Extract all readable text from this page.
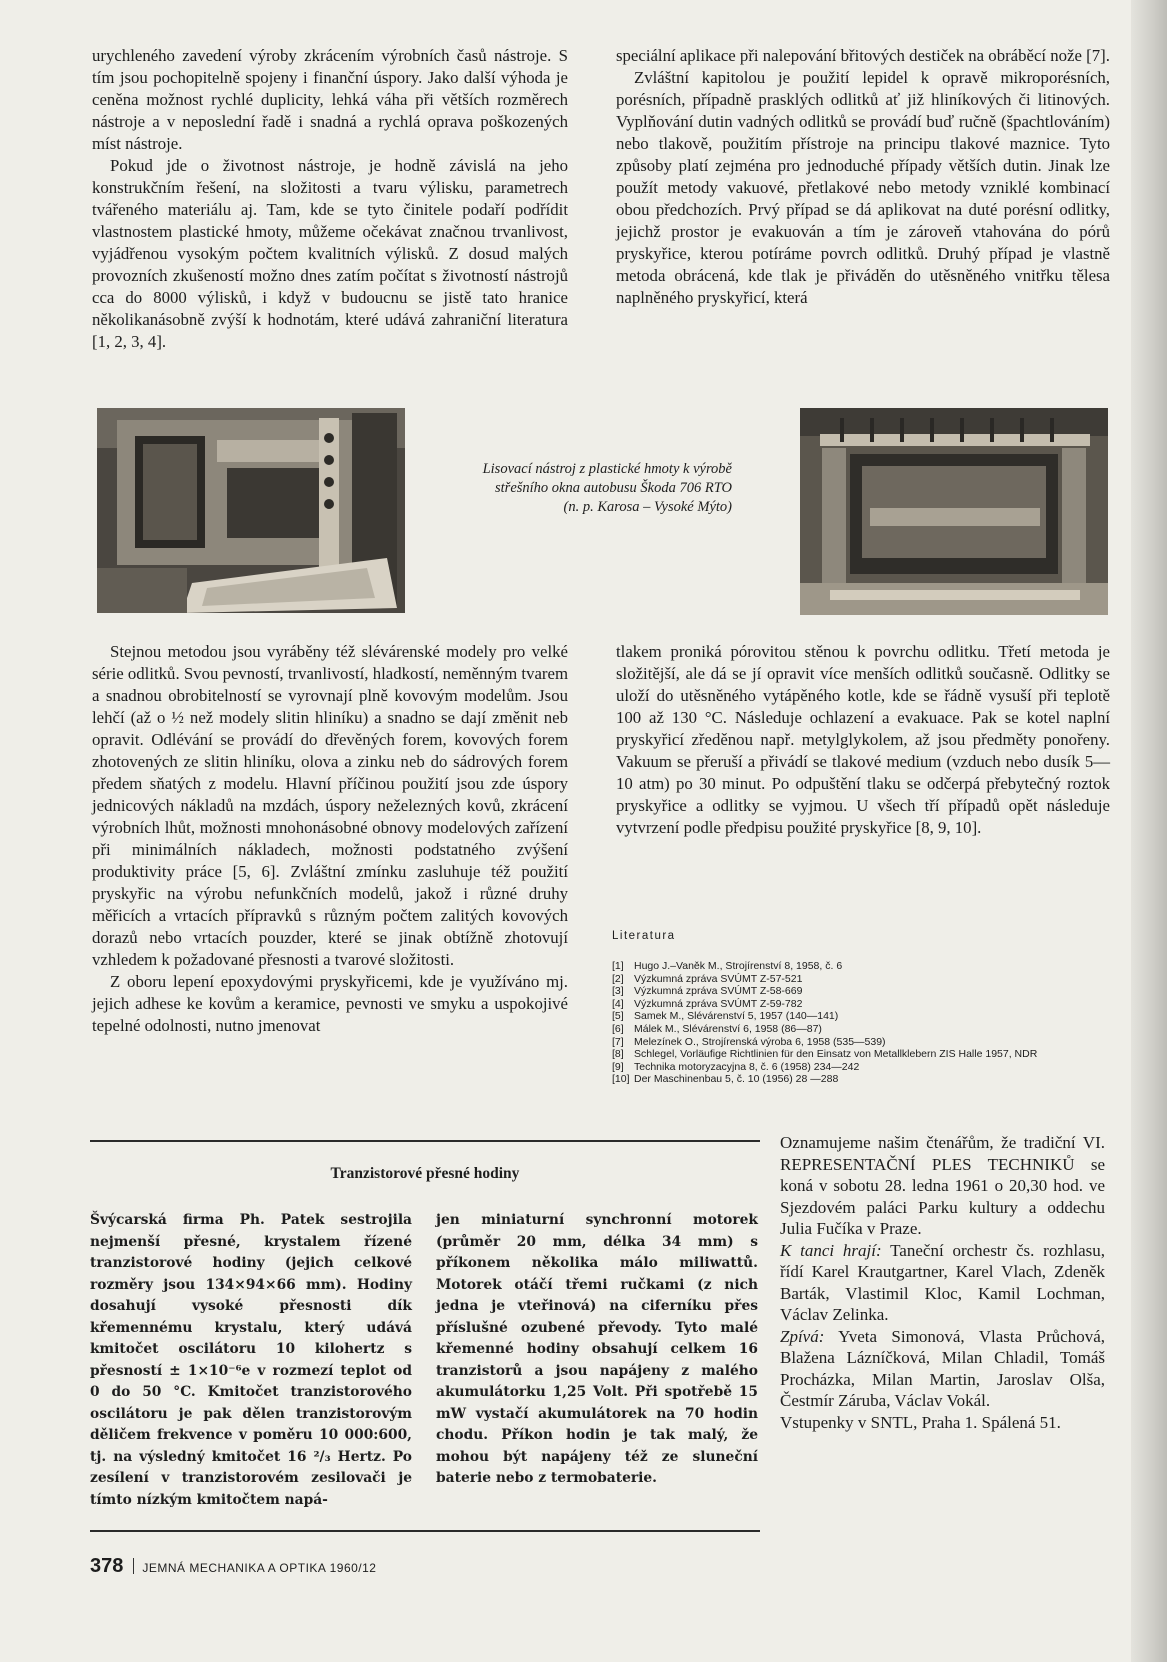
urychleného zavedení výroby zkrácením výrobních časů nástroje. S tím jsou pochopitelně spojeny i finanční úspory. Jako další výhoda je ceněna možnost rychlé duplicity, lehká váha při větších rozměrech nástroje a v neposlední řadě i snadná a rychlá oprava poškozených míst nástroje.

Pokud jde o životnost nástroje, je hodně závislá na jeho konstrukčním řešení, na složitosti a tvaru výlisku, parametrech tvářeného materiálu aj. Tam, kde se tyto činitele podaří podřídit vlastnostem plastické hmoty, můžeme očekávat značnou trvanlivost, vyjádřenou vysokým počtem kvalitních výlisků. Z dosud malých provozních zkušeností možno dnes zatím počítat s životností nástrojů cca do 8000 výlisků, i když v budoucnu se jistě tato hranice několikanásobně zvýší k hodnotám, které udává zahraniční literatura [1, 2, 3, 4].

speciální aplikace při nalepování břitových destiček na obráběcí nože [7].

Zvláštní kapitolou je použití lepidel k opravě mikroporésních, porésních, případně prasklých odlitků ať již hliníkových či litinových. Vyplňování dutin vadných odlitků se provádí buď ručně (špachtlováním) nebo tlakově, použitím přístroje na principu tlakové maznice. Tyto způsoby platí zejména pro jednoduché případy větších dutin. Jinak lze použít metody vakuové, přetlakové nebo metody vzniklé kombinací obou předchozích. Prvý případ se dá aplikovat na duté porésní odlitky, jejichž prostor je evakuován a tím je zároveň vtahována do pórů pryskyřice, kterou potíráme povrch odlitků. Druhý případ je vlastně metoda obrácená, kde tlak je přiváděn do utěsněného vnitřku tělesa naplněného pryskyřicí, která

Lisovací nástroj z plastické hmoty k výrobě
střešního okna autobusu Škoda 706 RTO
(n. p. Karosa – Vysoké Mýto)

Stejnou metodou jsou vyráběny též slévárenské modely pro velké série odlitků. Svou pevností, trvanlivostí, hladkostí, neměnným tvarem a snadnou obrobitelností se vyrovnají plně kovovým modelům. Jsou lehčí (až o ½ než modely slitin hliníku) a snadno se dají změnit neb opravit. Odlévání se provádí do dřevěných forem, kovových forem zhotovených ze slitin hliníku, olova a zinku neb do sádrových forem předem sňatých z modelu. Hlavní příčinou použití jsou zde úspory jednicových nákladů na mzdách, úspory neželezných kovů, zkrácení výrobních lhůt, možnosti mnohonásobné obnovy modelových zařízení při minimálních nákladech, možnosti podstatného zvýšení produktivity práce [5, 6]. Zvláštní zmínku zasluhuje též použití pryskyřic na výrobu nefunkčních modelů, jakož i různé druhy měřicích a vrtacích přípravků s různým počtem zalitých kovových dorazů nebo vrtacích pouzder, které se jinak obtížně zhotovují vzhledem k požadované přesnosti a tvarové složitosti.

Z oboru lepení epoxydovými pryskyřicemi, kde je využíváno mj. jejich adhese ke kovům a keramice, pevnosti ve smyku a uspokojivé tepelné odolnosti, nutno jmenovat

tlakem proniká pórovitou stěnou k povrchu odlitku. Třetí metoda je složitější, ale dá se jí opravit více menších odlitků současně. Odlitky se uloží do utěsněného vytápěného kotle, kde se řádně vysuší při teplotě 100 až 130 °C. Následuje ochlazení a evakuace. Pak se kotel naplní pryskyřicí zředěnou např. metylglykolem, až jsou předměty ponořeny. Vakuum se přeruší a přivádí se tlakové medium (vzduch nebo dusík 5—10 atm) po 30 minut. Po odpuštění tlaku se odčerpá přebytečný roztok pryskyřice a odlitky se vyjmou. U všech tří případů opět následuje vytvrzení podle předpisu použité pryskyřice [8, 9, 10].

Literatura
[1] Hugo J.–Vaněk M., Strojírenství 8, 1958, č. 6
[2] Výzkumná zpráva SVÚMT Z-57-521
[3] Výzkumná zpráva SVÚMT Z-58-669
[4] Výzkumná zpráva SVÚMT Z-59-782
[5] Samek M., Slévárenství 5, 1957 (140—141)
[6] Málek M., Slévárenství 6, 1958 (86—87)
[7] Melezínek O., Strojírenská výroba 6, 1958 (535—539)
[8] Schlegel, Vorläufige Richtlinien für den Einsatz von Metallklebern ZIS Halle 1957, NDR
[9] Technika motoryzacyjna 8, č. 6 (1958) 234—242
[10] Der Maschinenbau 5, č. 10 (1956) 28 —288
Tranzistorové přesné hodiny

Švýcarská firma Ph. Patek sestrojila nejmenší přesné, krystalem řízené tranzistorové hodiny (jejich celkové rozměry jsou 134×94×66 mm). Hodiny dosahují vysoké přesnosti dík křemennému krystalu, který udává kmitočet oscilátoru 10 kilohertz s přesností ± 1×10⁻⁶e v rozmezí teplot od 0 do 50 °C. Kmitočet tranzistorového oscilátoru je pak dělen tranzistorovým děličem frekvence v poměru 10 000:600, tj. na výsledný kmitočet 16 ²/₃ Hertz. Po zesílení v tranzistorovém zesilovači je tímto nízkým kmitočtem napá-

jen miniaturní synchronní motorek (průměr 20 mm, délka 34 mm) s příkonem několika málo miliwattů. Motorek otáčí třemi ručkami (z nich jedna je vteřinová) na ciferníku přes příslušné ozubené převody. Tyto malé křemenné hodiny obsahují celkem 16 tranzistorů a jsou napájeny z malého akumulátorku 1,25 Volt. Při spotřebě 15 mW vystačí akumulátorek na 70 hodin chodu. Příkon hodin je tak malý, že mohou být napájeny též ze sluneční baterie nebo z termobaterie.

Oznamujeme našim čtenářům, že tradiční VI. REPRESENTAČNÍ PLES TECHNIKŮ se koná v sobotu 28. ledna 1961 o 20,30 hod. ve Sjezdovém paláci Parku kultury a oddechu Julia Fučíka v Praze.

K tanci hrají: Taneční orchestr čs. rozhlasu, řídí Karel Krautgartner, Karel Vlach, Zdeněk Barták, Vlastimil Kloc, Kamil Lochman, Václav Zelinka.

Zpívá: Yveta Simonová, Vlasta Průchová, Blažena Lázníčková, Milan Chladil, Tomáš Procházka, Milan Martin, Jaroslav Olša, Čestmír Záruba, Václav Vokál.

Vstupenky v SNTL, Praha 1. Spálená 51.

378 JEMNÁ MECHANIKA A OPTIKA 1960/12
